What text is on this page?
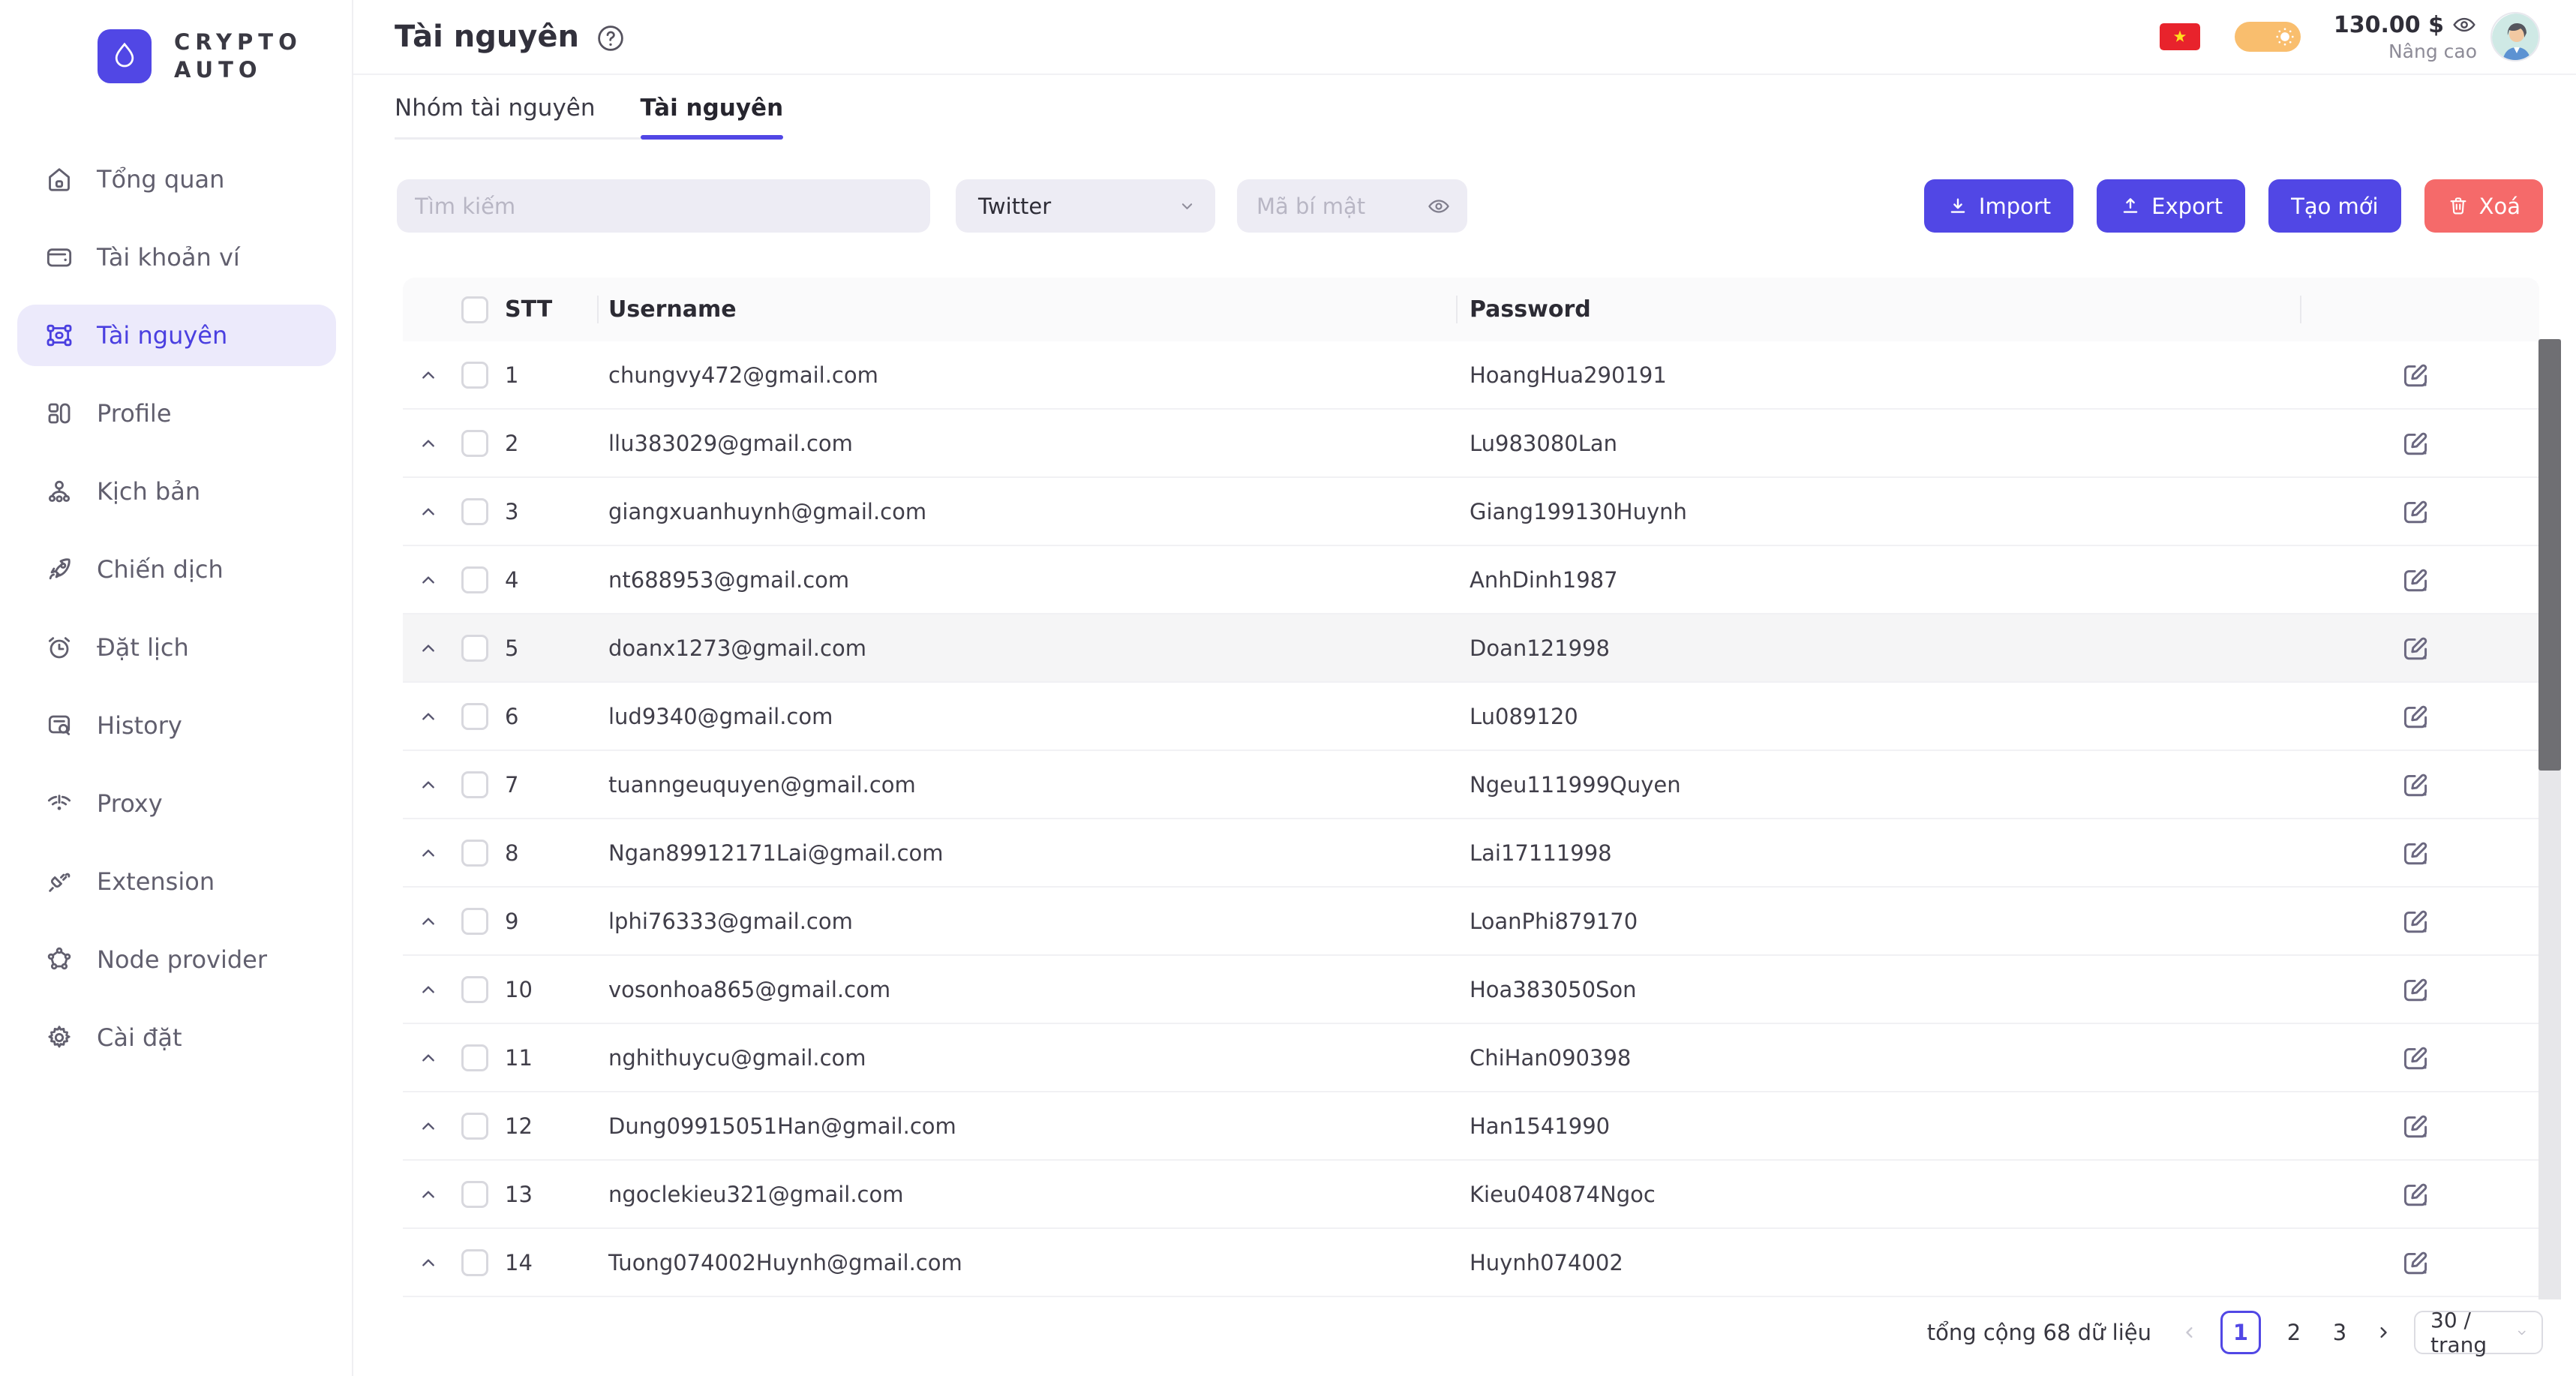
CRYPTO
AUTO
Tổng quan
Tài khoản ví
Tài nguyên
Profile
Kịch bản
Chiến dịch
Đặt lịch
History
Proxy
Extension
Node provider
Cài đặt
Tài nguyên	130.00 $
Nâng cao
Nhóm tài nguyên	Tài nguyên
Tìm kiếm
Twitter
Mã bí mật	Import	Export	Tạo mới	Xoá
STT	Username	Password
1	chungvy472@gmail.com	HoangHua290191
2	llu383029@gmail.com	Lu983080Lan
3	giangxuanhuynh@gmail.com	Giang199130Huynh
4	nt688953@gmail.com	AnhDinh1987
5	doanx1273@gmail.com	Doan121998
6	lud9340@gmail.com	Lu089120
7	tuanngeuquyen@gmail.com	Ngeu111999Quyen
8	Ngan89912171Lai@gmail.com	Lai17111998
9	lphi76333@gmail.com	LoanPhi879170
10	vosonhoa865@gmail.com	Hoa383050Son
11	nghithuycu@gmail.com	ChiHan090398
12	Dung09915051Han@gmail.com	Han1541990
13	ngoclekieu321@gmail.com	Kieu040874Ngoc
14	Tuong074002Huynh@gmail.com	Huynh074002
tổng cộng 68 dữ liệu	1	2 3	30 / trang
